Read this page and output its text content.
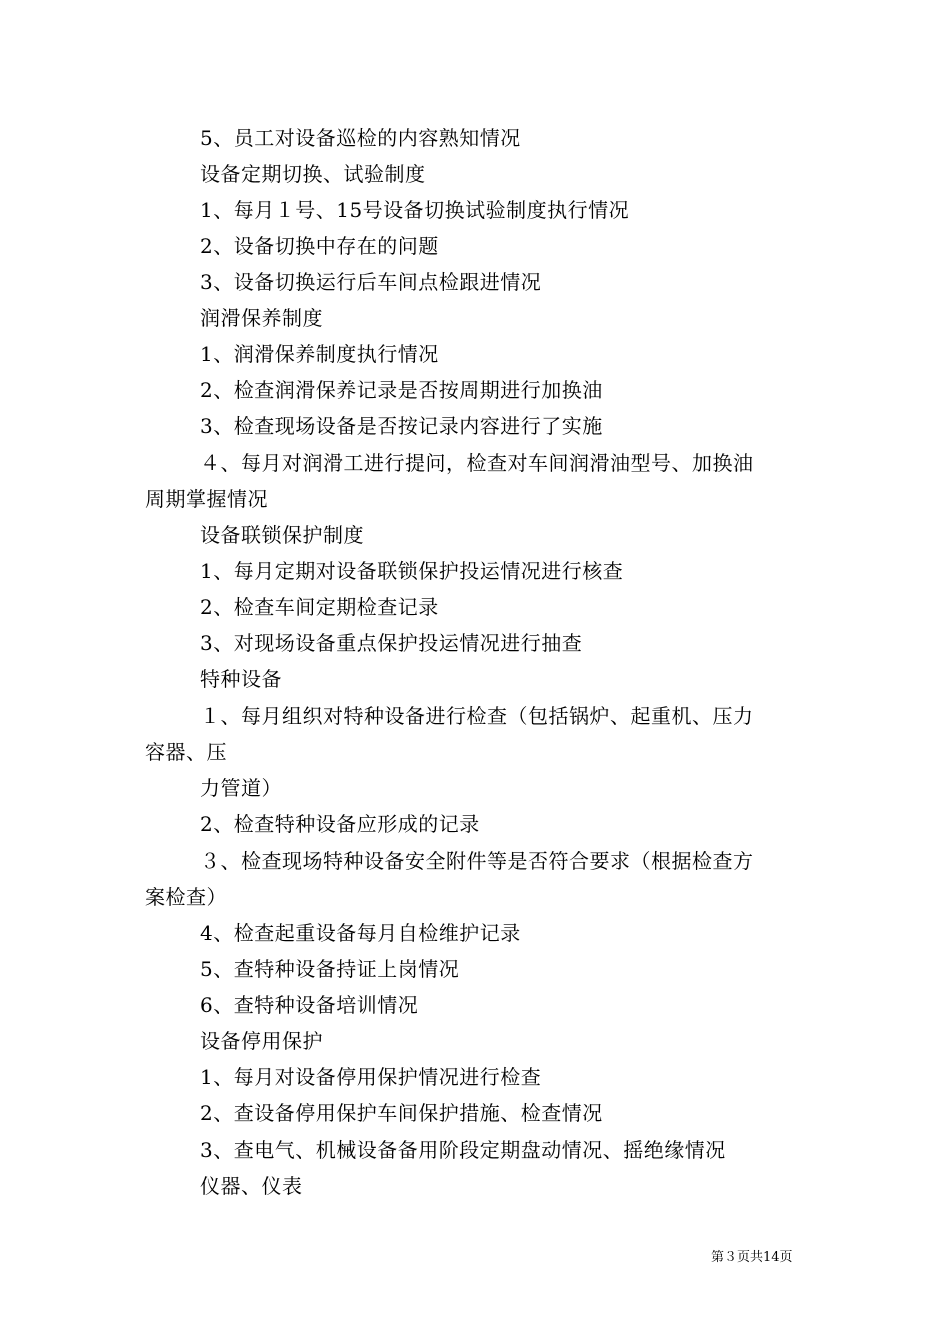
5、员工对设备巡检的内容熟知情况
设备定期切换、试验制度
1、每月１号、15号设备切换试验制度执行情况
2、设备切换中存在的问题
3、设备切换运行后车间点检跟进情况
润滑保养制度
1、润滑保养制度执行情况
2、检查润滑保养记录是否按周期进行加换油
3、检查现场设备是否按记录内容进行了实施
４、每月对润滑工进行提问，检查对车间润滑油型号、加换油
周期掌握情况
设备联锁保护制度
1、每月定期对设备联锁保护投运情况进行核查
2、检查车间定期检查记录
3、对现场设备重点保护投运情况进行抽查
特种设备
１、每月组织对特种设备进行检查（包括锅炉、起重机、压力
容器、压
力管道）
2、检查特种设备应形成的记录
３、检查现场特种设备安全附件等是否符合要求（根据检查方
案检查）
4、检查起重设备每月自检维护记录
5、查特种设备持证上岗情况
6、查特种设备培训情况
设备停用保护
1、每月对设备停用保护情况进行检查
2、查设备停用保护车间保护措施、检查情况
3、查电气、机械设备备用阶段定期盘动情况、摇绝缘情况
仪器、仪表
第３页共14页
